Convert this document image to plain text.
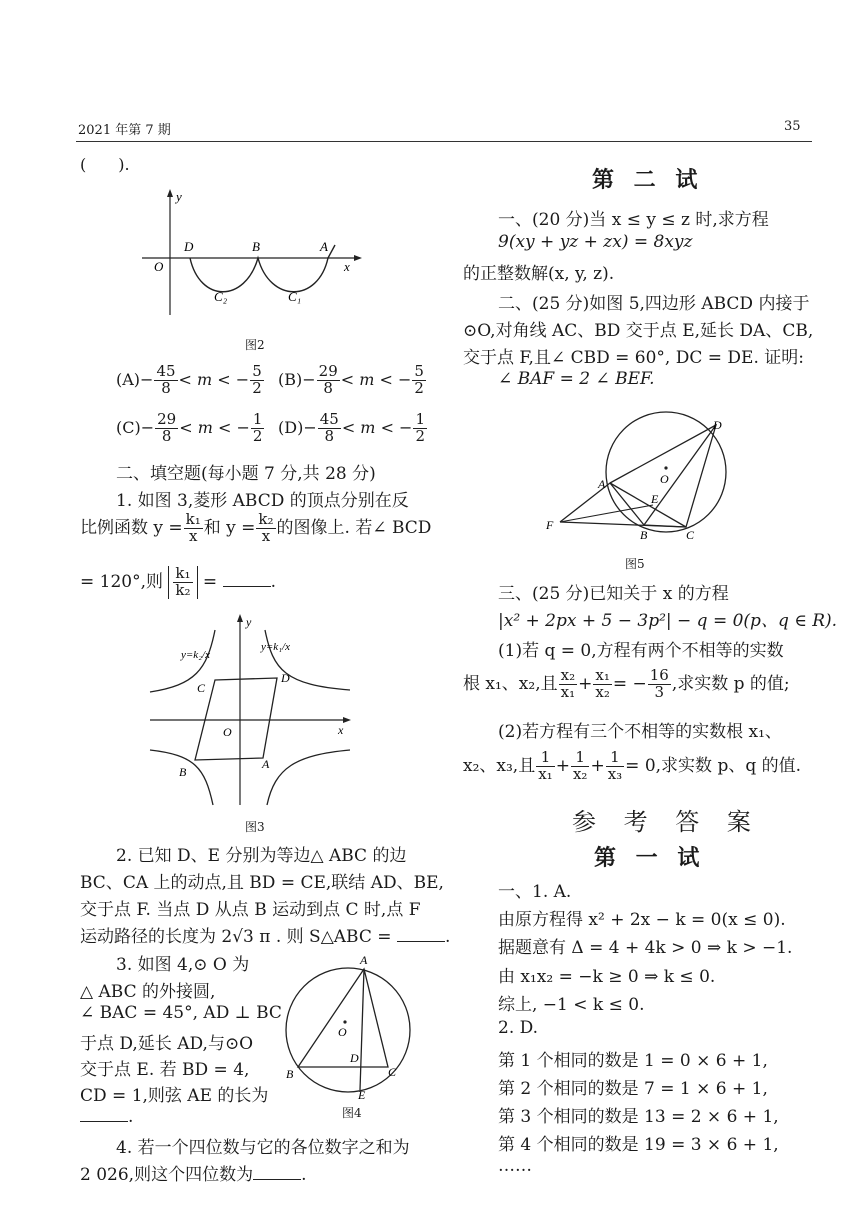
2021 年第 7 期	35
(　　).
y
x
O
D	B	A
C₂	C₁
图2
$(A)- \frac{45}{8} < m$ < − $\frac{5}{2} (B)- \frac{29}{8} < m$ < − $\frac{5}{2}$
$(C)- \frac{29}{8} < m$ < − $\frac{1}{2} (D)- \frac{45}{8} < m$ < − $\frac{1}{2}$
二、填空题(每小题 7 分,共 28 分)
1. 如图 3,菱形 ABCD 的顶点分别在反
比例函数 $y = \frac{\text{k₁}}{x}$ 和 $y = \frac{\text{k₂}}{x}$ 的图像上. 若∠ BCD
= 120°,则 $\frac{\text{k₁}}{\text{k₂}}$ =	.
y
x
O
C
D
B
A
y=k₂/x
y=k₁/x
图3
2. 已知 D、E 分别为等边△ ABC 的边
BC、CA 上的动点,且 BD = CE,联结 AD、BE,
交于点 F. 当点 D 从点 B 运动到点 C 时,点 F
运动路径的长度为 2√3 π . 则 S△ABC =	.
3. 如图 4,⊙ O 为
△ ABC 的外接圆,
∠ BAC = 45°, AD ⊥ BC
于点 D,延长 AD,与⊙O
交于点 E. 若 BD = 4,
CD = 1,则弦 AE 的长为
.
A
B	C
D
E
O
图4
4. 若一个四位数与它的各位数字之和为
2 026,则这个四位数为	.
第 二 试
一、(20 分)当 x ≤ y ≤ z 时,求方程
9(xy + yz + zx) = 8xyz
的正整数解(x, y, z).
二、(25 分)如图 5,四边形 ABCD 内接于
⊙O,对角线 AC、BD 交于点 E,延长 DA、CB,
交于点 F,且∠ CBD = 60°, DC = DE. 证明:
∠ BAF = 2 ∠ BEF.
D
O
A
E
F
B	C
图5
三、(25 分)已知关于 x 的方程
|x² + 2px + 5 − 3p²| − q = 0(p、q ∈ R).
(1)若 q = 0,方程有两个不相等的实数
根 x₁、x₂,且 $\frac{\text{x₂}}{\text{x₁}} + \frac{\text{x₁}}{\text{x₂}}$ = − $\frac{16}{3}$ ,求实数 p 的值;
(2)若方程有三个不相等的实数根 x₁、
x₂、x₃,且 $\frac{1}{\text{x₁}} + \frac{1}{\text{x₂}} + \frac{1}{\text{x₃}} = 0$,求实数 p、q 的值.
参 考 答 案
第 一 试
一、1. A.
由原方程得 x² + 2x − k = 0(x ≤ 0).
据题意有 Δ = 4 + 4k > 0 ⇒ k > −1.
由 x₁x₂ = −k ≥ 0 ⇒ k ≤ 0.
综上, −1 < k ≤ 0.
2. D.
第 1 个相同的数是 1 = 0 × 6 + 1,
第 2 个相同的数是 7 = 1 × 6 + 1,
第 3 个相同的数是 13 = 2 × 6 + 1,
第 4 个相同的数是 19 = 3 × 6 + 1,
……
